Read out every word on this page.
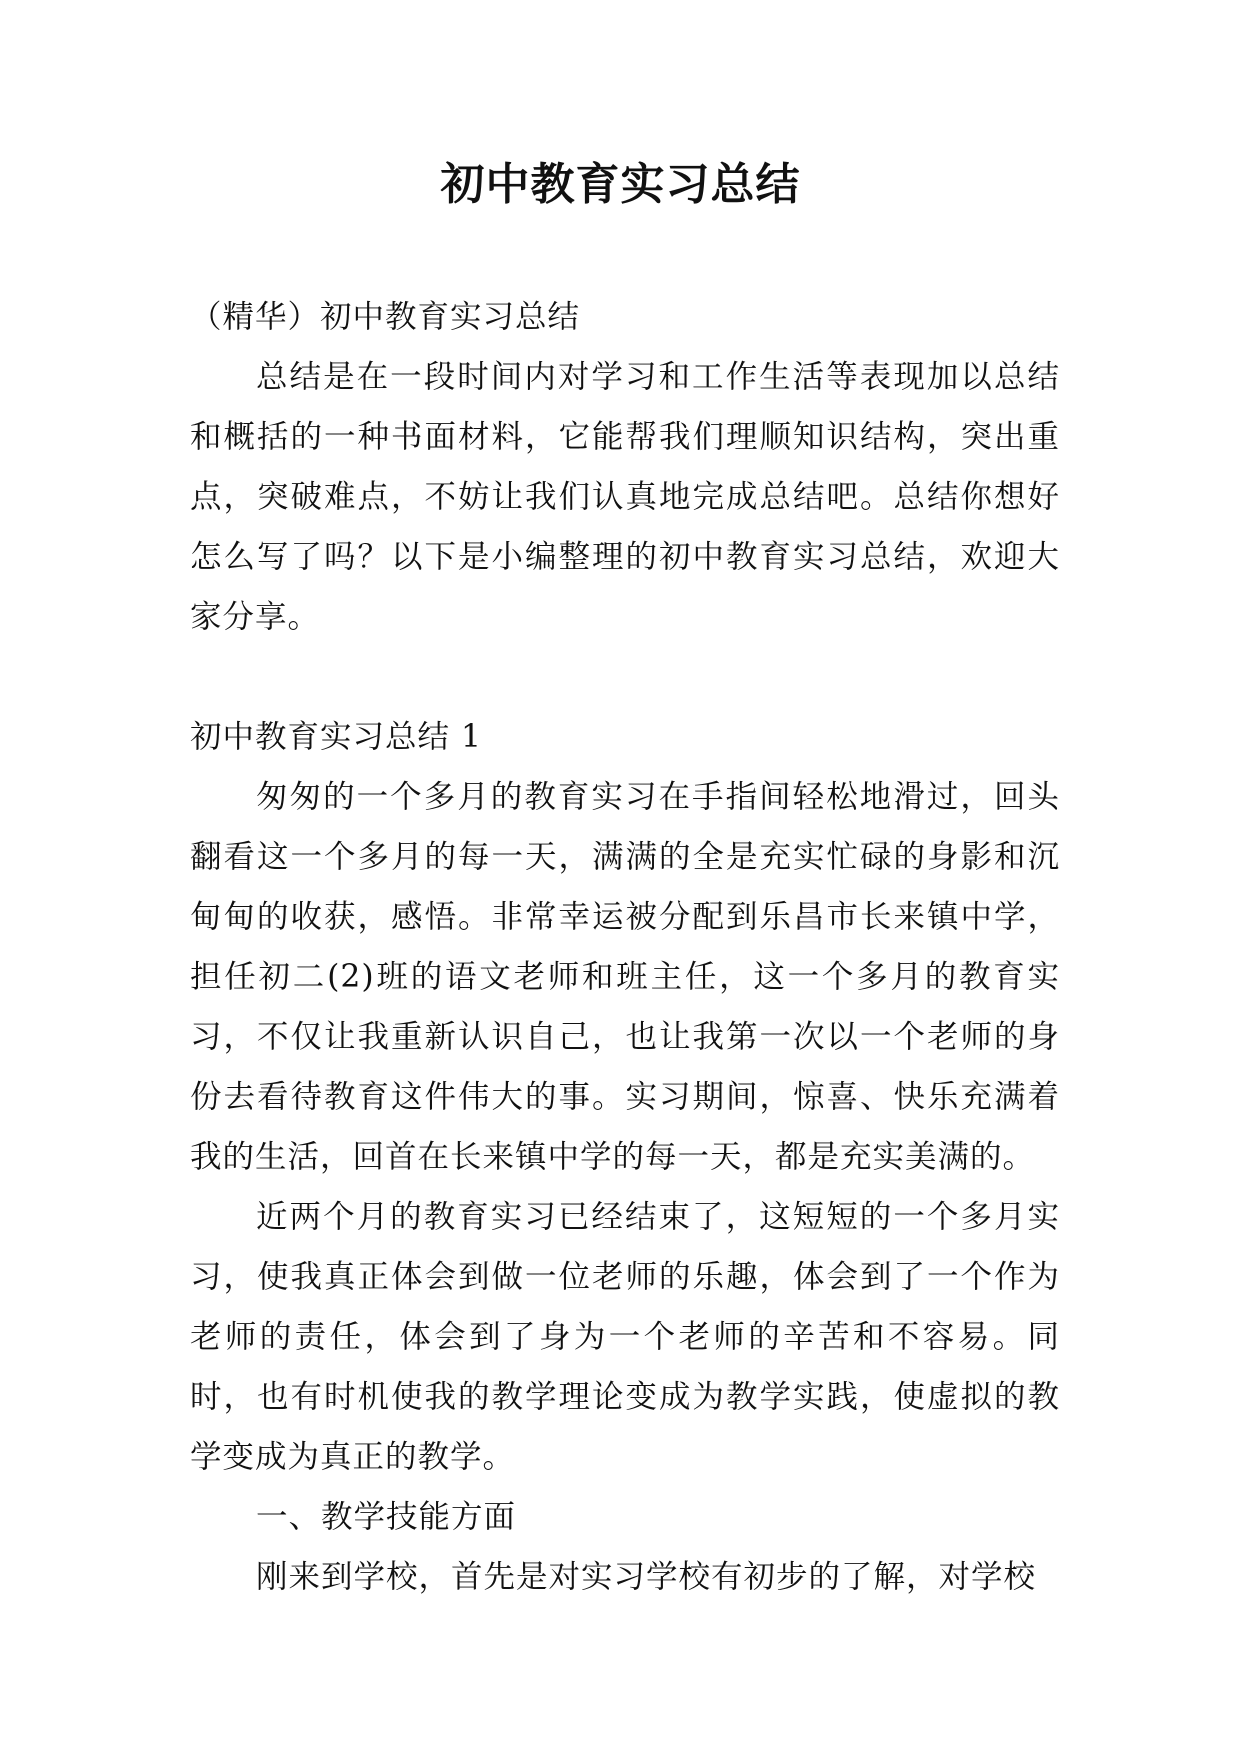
初中教育实习总结

（精华）初中教育实习总结

总结是在一段时间内对学习和工作生活等表现加以总结和概括的一种书面材料，它能帮我们理顺知识结构，突出重点，突破难点，不妨让我们认真地完成总结吧。总结你想好怎么写了吗？以下是小编整理的初中教育实习总结，欢迎大家分享。

初中教育实习总结 1

匆匆的一个多月的教育实习在手指间轻松地滑过，回头翻看这一个多月的每一天，满满的全是充实忙碌的身影和沉甸甸的收获，感悟。非常幸运被分配到乐昌市长来镇中学，担任初二(2)班的语文老师和班主任，这一个多月的教育实习，不仅让我重新认识自己，也让我第一次以一个老师的身份去看待教育这件伟大的事。实习期间，惊喜、快乐充满着我的生活，回首在长来镇中学的每一天，都是充实美满的。

近两个月的教育实习已经结束了，这短短的一个多月实习，使我真正体会到做一位老师的乐趣，体会到了一个作为老师的责任，体会到了身为一个老师的辛苦和不容易。同时，也有时机使我的教学理论变成为教学实践，使虚拟的教学变成为真正的教学。

一、教学技能方面

刚来到学校，首先是对实习学校有初步的了解，对学校
